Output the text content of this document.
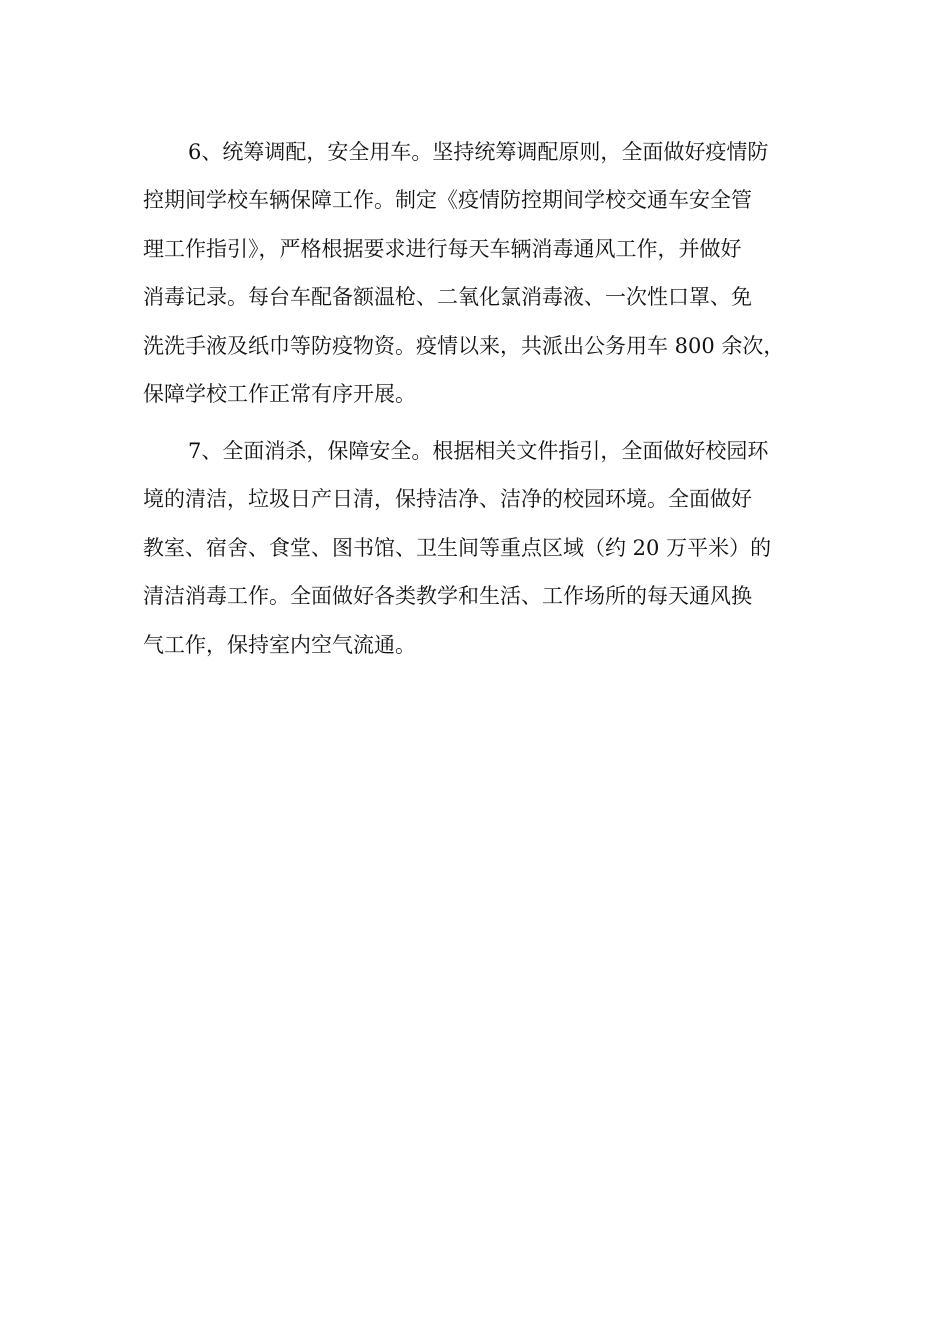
6、统筹调配，安全用车。坚持统筹调配原则，全面做好疫情防
控期间学校车辆保障工作。制定《疫情防控期间学校交通车安全管
理工作指引》，严格根据要求进行每天车辆消毒通风工作，并做好
消毒记录。每台车配备额温枪、二氧化氯消毒液、一次性口罩、免
洗洗手液及纸巾等防疫物资。疫情以来，共派出公务用车 800 余次，
保障学校工作正常有序开展。
7、全面消杀，保障安全。根据相关文件指引，全面做好校园环
境的清洁，垃圾日产日清，保持洁净、洁净的校园环境。全面做好
教室、宿舍、食堂、图书馆、卫生间等重点区域（约 20 万平米）的
清洁消毒工作。全面做好各类教学和生活、工作场所的每天通风换
气工作，保持室内空气流通。
